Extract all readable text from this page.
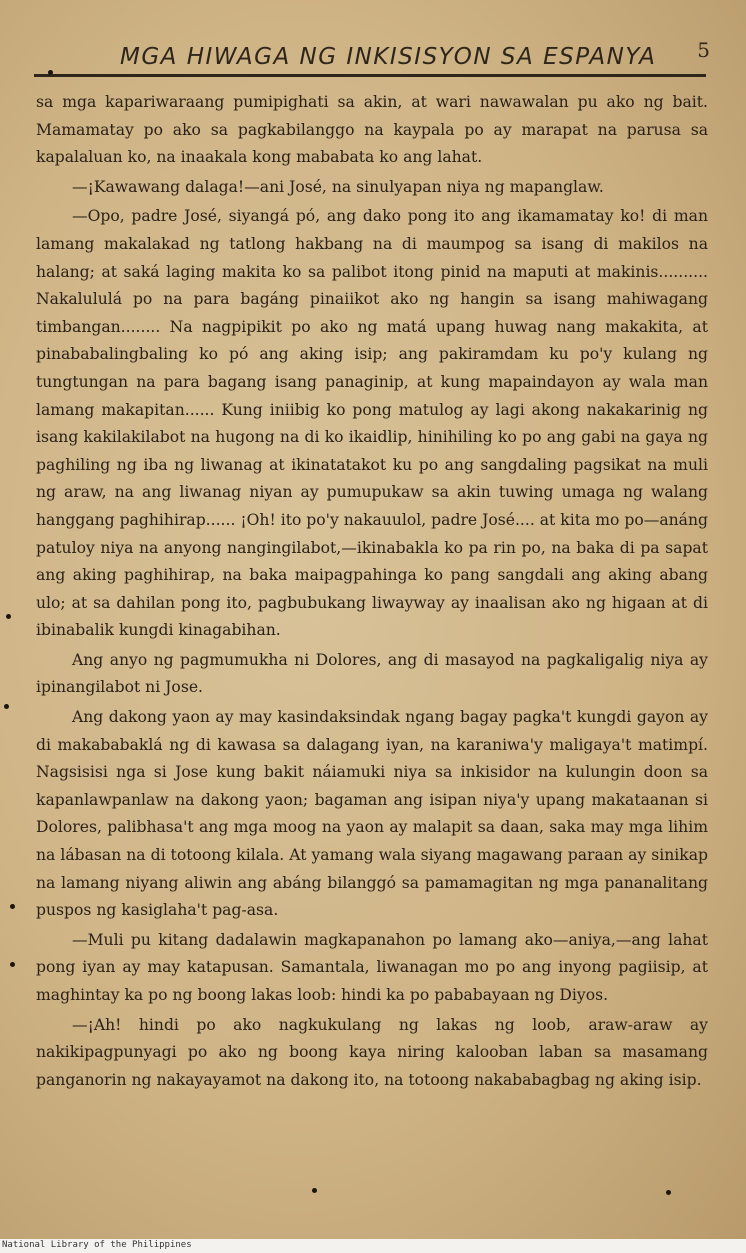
MGA HIWAGA NG INKISISYON SA ESPANYA 5

sa mga kapariwaraang pumipighati sa akin, at wari nawawalan pu ako ng bait. Mamamatay po ako sa pagkabilanggo na kaypala po ay marapat na parusa sa kapalaluan ko, na inaakala kong mababata ko ang lahat.

—¡Kawawang dalaga!—ani José, na sinulyapan niya ng mapanglaw.

—Opo, padre José, siyangá pó, ang dako pong ito ang ikamamatay ko! di man lamang makalakad ng tatlong hakbang na di maumpog sa isang di makilos na halang; at saká laging makita ko sa palibot itong pinid na maputi at makinis.......... Nakalululá po na para bagáng pinaiikot ako ng hangin sa isang mahiwagang timbangan........ Na nagpipikit po ako ng matá upang huwag nang makakita, at pinababalingbaling ko pó ang aking isip; ang pakiramdam ku po'y kulang ng tungtungan na para bagang isang panaginip, at kung mapaindayon ay wala man lamang makapitan...... Kung iniibig ko pong matulog ay lagi akong nakakarinig ng isang kakilakilabot na hugong na di ko ikaidlip, hinihiling ko po ang gabi na gaya ng paghiling ng iba ng liwanag at ikinatatakot ku po ang sangdaling pagsikat na muli ng araw, na ang liwanag niyan ay pumupukaw sa akin tuwing umaga ng walang hanggang paghihirap...... ¡Oh! ito po'y nakauulol, padre José.... at kita mo po—anáng patuloy niya na anyong nangingilabot,—ikinabakla ko pa rin po, na baka di pa sapat ang aking paghihirap, na baka maipagpahinga ko pang sangdali ang aking abang ulo; at sa dahilan pong ito, pagbubukang liwayway ay inaalisan ako ng higaan at di ibinabalik kungdi kinagabihan.

Ang anyo ng pagmumukha ni Dolores, ang di masayod na pagkaligalig niya ay ipinangilabot ni Jose.

Ang dakong yaon ay may kasindaksindak ngang bagay pagka't kungdi gayon ay di makababaklá ng di kawasa sa dalagang iyan, na karaniwa'y maligaya't matimpí. Nagsisisi nga si Jose kung bakit náiamuki niya sa inkisidor na kulungin doon sa kapanlawpanlaw na dakong yaon; bagaman ang isipan niya'y upang makataanan si Dolores, palibhasa't ang mga moog na yaon ay malapit sa daan, saka may mga lihim na lábasan na di totoong kilala. At yamang wala siyang magawang paraan ay sinikap na lamang niyang aliwin ang abáng bilanggó sa pamamagitan ng mga pananalitang puspos ng kasiglaha't pag-asa.

—Muli pu kitang dadalawin magkapanahon po lamang ako—aniya,—ang lahat pong iyan ay may katapusan. Samantala, liwanagan mo po ang inyong pagiisip, at maghintay ka po ng boong lakas loob: hindi ka po pababayaan ng Diyos.

—¡Ah! hindi po ako nagkukulang ng lakas ng loob, araw-araw ay nakikipagpunyagi po ako ng boong kaya niring kalooban laban sa masamang panganorin ng nakayayamot na dakong ito, na totoong nakababagbag ng aking isip.

National Library of the Philippines
